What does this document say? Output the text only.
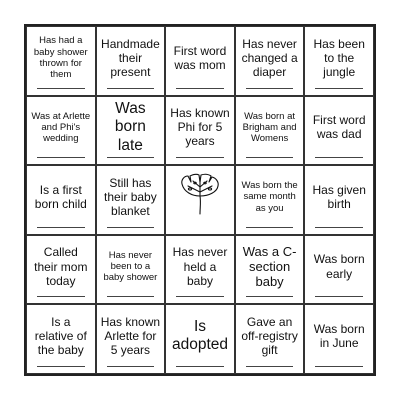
Has had a baby shower thrown for them
Handmade their present
First word was mom
Has never changed a diaper
Has been to the jungle
Was at Arlette and Phi's wedding
Was born late
Has known Phi for 5 years
Was born at Brigham and Womens
First word was dad
Is a first born child
Still has their baby blanket
Was born the same month as you
Has given birth
Called their mom today
Has never been to a baby shower
Has never held a baby
Was a C-section baby
Was born early
Is a relative of the baby
Has known Arlette for 5 years
Is adopted
Gave an off-registry gift
Was born in June
